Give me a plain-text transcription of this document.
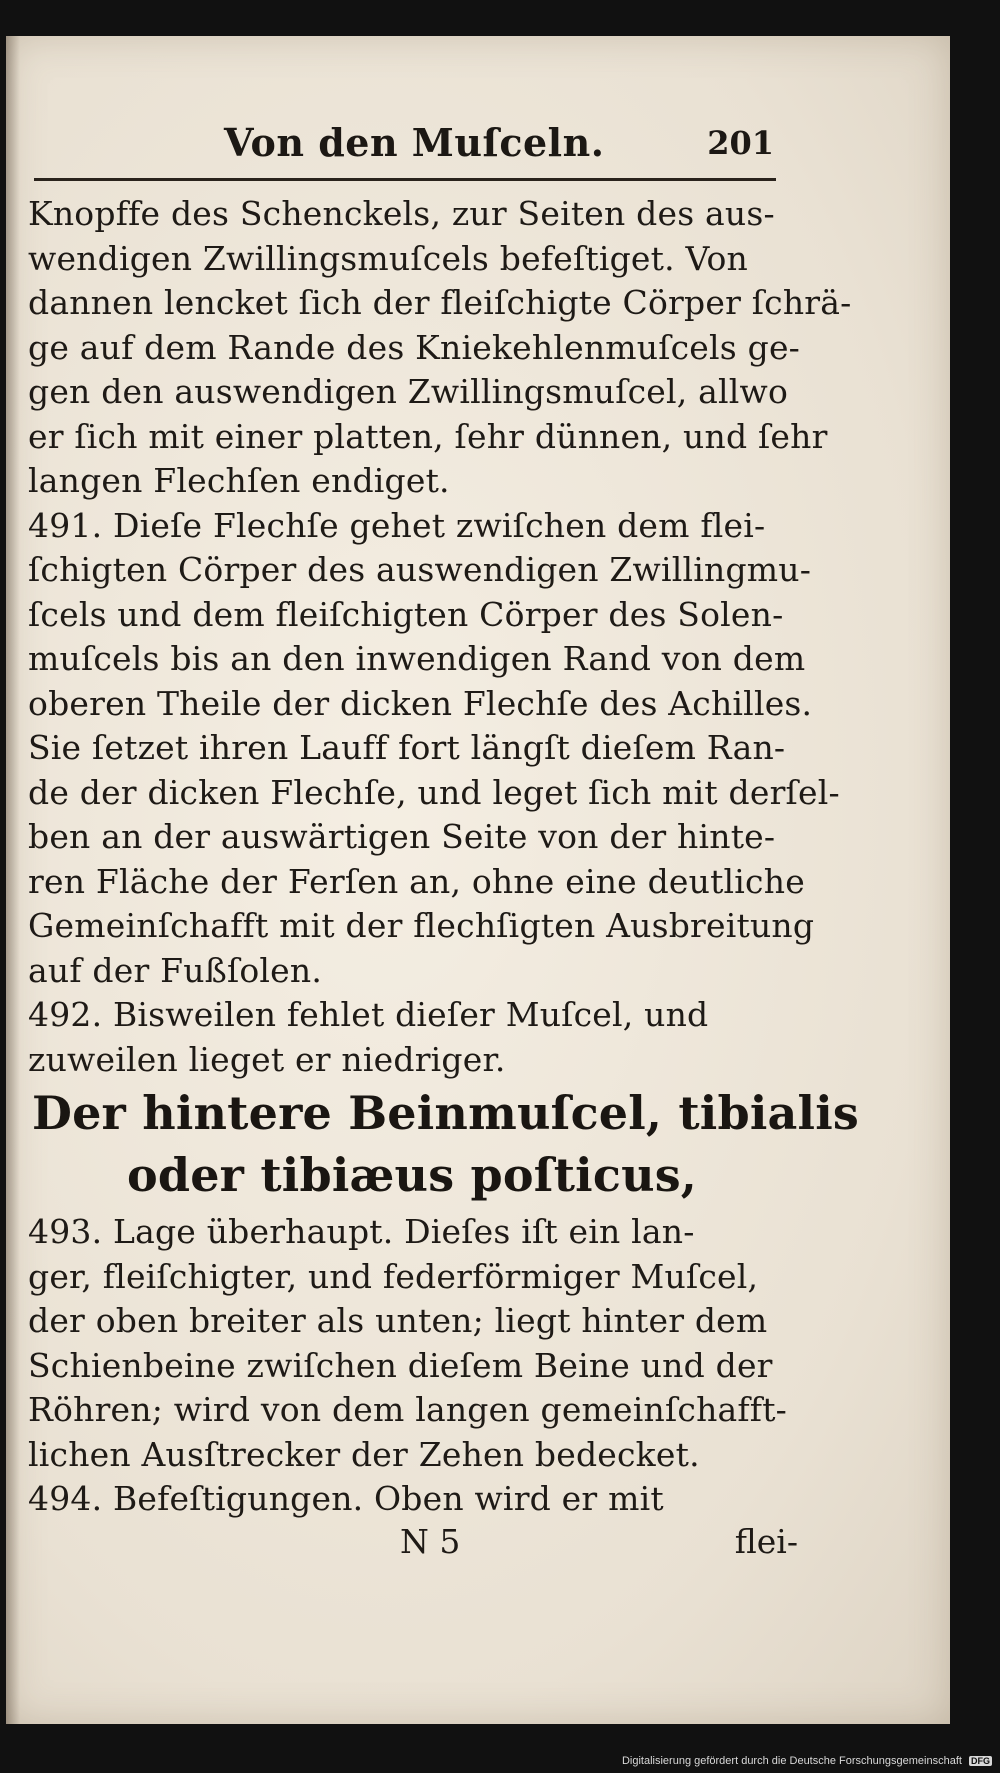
Von den Muſceln.	201
Knopffe des Schenckels, zur Seiten des aus-
wendigen Zwillingsmuſcels befeſtiget. Von
dannen lencket ſich der fleiſchigte Cörper ſchrä-
ge auf dem Rande des Kniekehlenmuſcels ge-
gen den auswendigen Zwillingsmuſcel, allwo
er ſich mit einer platten, ſehr dünnen, und ſehr
langen Flechſen endiget.
491. Dieſe Flechſe gehet zwiſchen dem flei-
ſchigten Cörper des auswendigen Zwillingmu-
ſcels und dem fleiſchigten Cörper des Solen-
muſcels bis an den inwendigen Rand von dem
oberen Theile der dicken Flechſe des Achilles.
Sie ſetzet ihren Lauff fort längſt dieſem Ran-
de der dicken Flechſe, und leget ſich mit derſel-
ben an der auswärtigen Seite von der hinte-
ren Fläche der Ferſen an, ohne eine deutliche
Gemeinſchafft mit der flechſigten Ausbreitung
auf der Fußſolen.
492. Bisweilen fehlet dieſer Muſcel, und
zuweilen lieget er niedriger.
Der hintere Beinmuſcel, tibialis
oder tibiæus poſticus,
493. Lage überhaupt. Dieſes iſt ein lan-
ger, fleiſchigter, und federförmiger Muſcel,
der oben breiter als unten; liegt hinter dem
Schienbeine zwiſchen dieſem Beine und der
Röhren; wird von dem langen gemeinſchafft-
lichen Ausſtrecker der Zehen bedecket.
494. Befeſtigungen. Oben wird er mit
N 5	flei-
Digitalisierung gefördert durch die Deutsche Forschungsgemeinschaft DFG
